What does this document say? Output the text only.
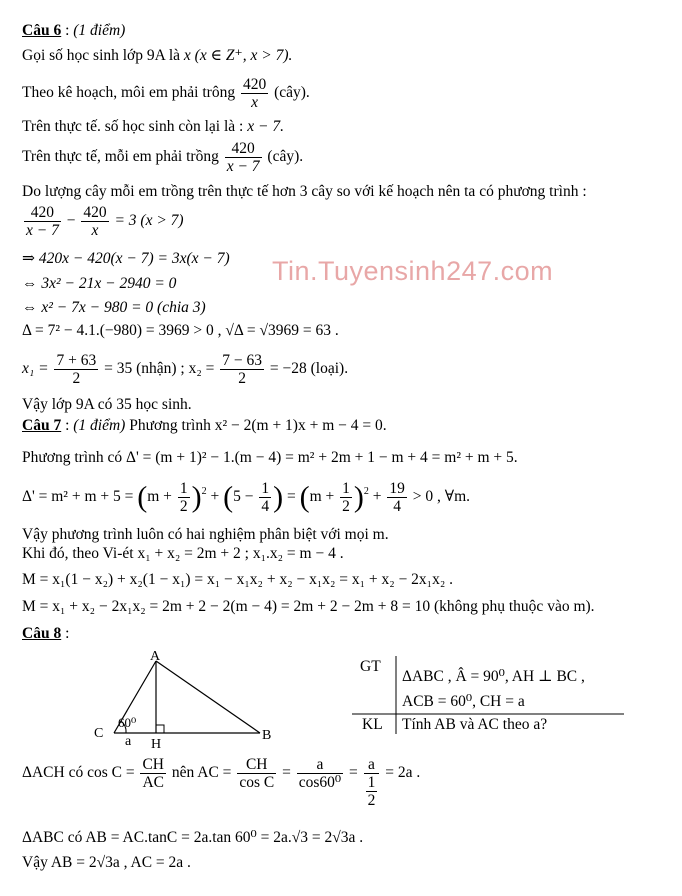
Tin.Tuyensinh247.com
Câu 6 : (1 điểm)
Gọi số học sinh lớp 9A là x (x ∈ Z⁺, x > 7).
Theo kê hoạch, môi em phải trông $\frac{420}{x}$ (cây).
Trên thực tế. số học sinh còn lại là : x − 7.
Trên thực tế, mỗi em phải trồng $\frac{420}{x - 7}$ (cây).
Do lượng cây mỗi em trồng trên thực tế hơn 3 cây so với kế hoạch nên ta có phương trình :
$\frac{420}{x - 7} - \frac{420}{x} = 3$ (x > 7)
⇒ 420x − 420(x − 7) = 3x(x − 7)
⇔ 3x² − 21x − 2940 = 0
⇔ x² − 7x − 980 = 0 (chia 3)
Δ = 7² − 4.1.(−980) = 3969 > 0 , √Δ = √3969 = 63 .
$x_1 = \frac{7 + 63}{2} = 35$ (nhận) ; $x_2 = \frac{7 - 63}{2} = -28$ (loại).
Vậy lớp 9A có 35 học sinh.
Câu 7 : (1 điểm) Phương trình x² − 2(m + 1)x + m − 4 = 0.
Phương trình có Δ' = (m + 1)² − 1.(m − 4) = m² + 2m + 1 − m + 4 = m² + m + 5.
$\Delta' = m^2 + m + 5 = (m + \frac{1}{2} )^2 + (5 - \frac{1}{4}$ ) = $(m + \frac{1}{2} )^2 + \frac{19}{4} > 0$ , ∀m.
Vậy phương trình luôn có hai nghiệm phân biệt với mọi m.
Khi đó, theo Vi-ét x₁ + x₂ = 2m + 2 ; x₁.x₂ = m − 4 .
M = x₁(1 − x₂) + x₂(1 − x₁) = x₁ − x₁x₂ + x₂ − x₁x₂ = x₁ + x₂ − 2x₁x₂ .
M = x₁ + x₂ − 2x₁x₂ = 2m + 2 − 2(m − 4) = 2m + 2 − 2m + 8 = 10 (không phụ thuộc vào m).
Câu 8 :
A
B
C
H
60⁰
a
GT
ΔABC , Â = 90⁰, AH ⊥ BC ,
ACB = 60⁰, CH = a
KL Tính AB và AC theo a?
ΔACH có $\cos C = \frac{CH}{AC}$ nên AC = $\frac{CH}{\text{cos C}} = \frac{a}{\text{cos60⁰}} = a$
1
2 = 2a .
ΔABC có AB = AC.tanC = 2a.tan 60⁰ = 2a.√3 = 2√3a .
Vậy AB = 2√3a , AC = 2a .
